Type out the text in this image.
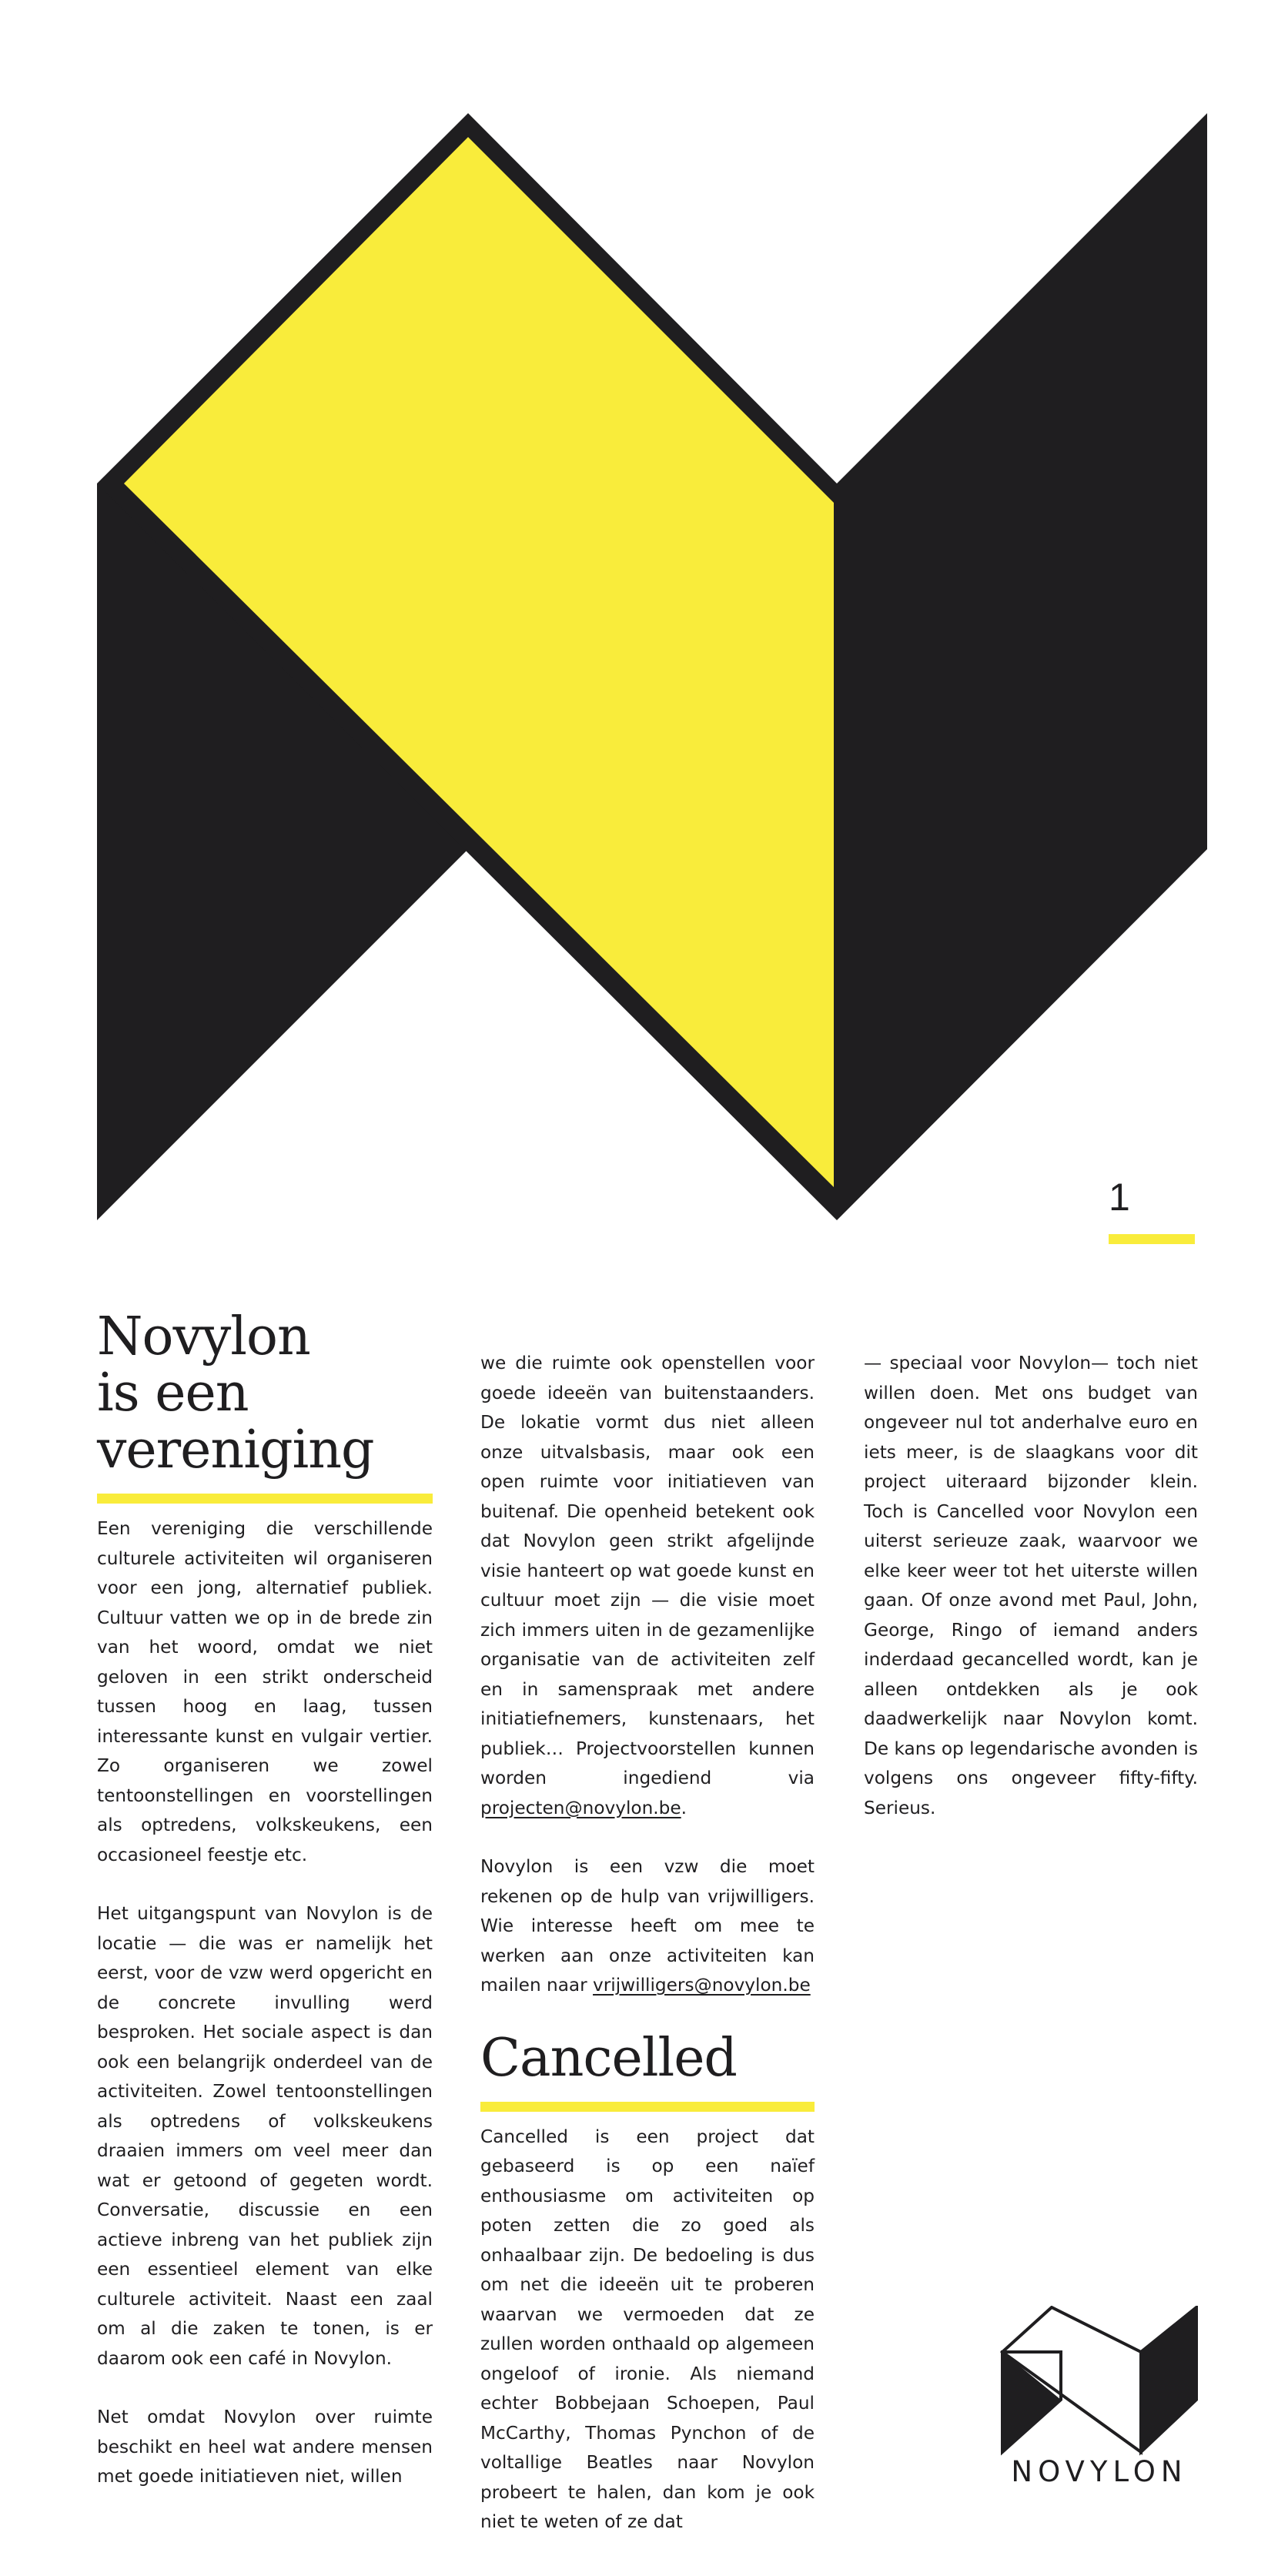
1
Novylon
is een
vereniging

Een vereniging die verschillende culturele activiteiten wil organiseren voor een jong, alternatief publiek. Cultuur vatten we op in de brede zin van het woord, omdat we niet geloven in een strikt onderscheid tussen hoog en laag, tussen interessante kunst en vulgair vertier. Zo organiseren we zowel tentoonstellingen en voorstellingen als optredens, volkskeukens, een occasioneel feestje etc.

Het uitgangspunt van Novylon is de locatie — die was er namelijk het eerst, voor de vzw werd opgericht en de concrete invulling werd besproken. Het sociale aspect is dan ook een belangrijk onderdeel van de activiteiten. Zowel tentoonstellingen als optredens of volkskeukens draaien immers om veel meer dan wat er getoond of gegeten wordt. Conversatie, discussie en een actieve inbreng van het publiek zijn een essentieel element van elke culturele activiteit. Naast een zaal om al die zaken te tonen, is er daarom ook een café in Novylon.

Net omdat Novylon over ruimte beschikt en heel wat andere mensen met goede initiatieven niet, willen

we die ruimte ook openstellen voor goede ideeën van buitenstaanders. De lokatie vormt dus niet alleen onze uitvalsbasis, maar ook een open ruimte voor initiatieven van buitenaf. Die openheid betekent ook dat Novylon geen strikt afgelijnde visie hanteert op wat goede kunst en cultuur moet zijn — die visie moet zich immers uiten in de gezamenlijke organisatie van de activiteiten zelf en in samenspraak met andere initiatiefnemers, kunstenaars, het publiek… Projectvoorstellen kunnen worden ingediend via projecten@novylon.be.

Novylon is een vzw die moet rekenen op de hulp van vrijwilligers. Wie interesse heeft om mee te werken aan onze activiteiten kan mailen naar vrijwilligers@novylon.be

Cancelled

Cancelled is een project dat gebaseerd is op een naïef enthousiasme om activiteiten op poten zetten die zo goed als onhaalbaar zijn. De bedoeling is dus om net die ideeën uit te proberen waarvan we vermoeden dat ze zullen worden onthaald op algemeen ongeloof of ironie. Als niemand echter Bobbejaan Schoepen, Paul McCarthy, Thomas Pynchon of de voltallige Beatles naar Novylon probeert te halen, dan kom je ook niet te weten of ze dat

— speciaal voor Novylon— toch niet willen doen. Met ons budget van ongeveer nul tot anderhalve euro en iets meer, is de slaagkans voor dit project uiteraard bijzonder klein. Toch is Cancelled voor Novylon een uiterst serieuze zaak, waarvoor we elke keer weer tot het uiterste willen gaan. Of onze avond met Paul, John, George, Ringo of iemand anders inderdaad gecancelled wordt, kan je alleen ontdekken als je ook daadwerkelijk naar Novylon komt. De kans op legendarische avonden is volgens ons ongeveer fifty-fifty. Serieus.

NOVYLON
